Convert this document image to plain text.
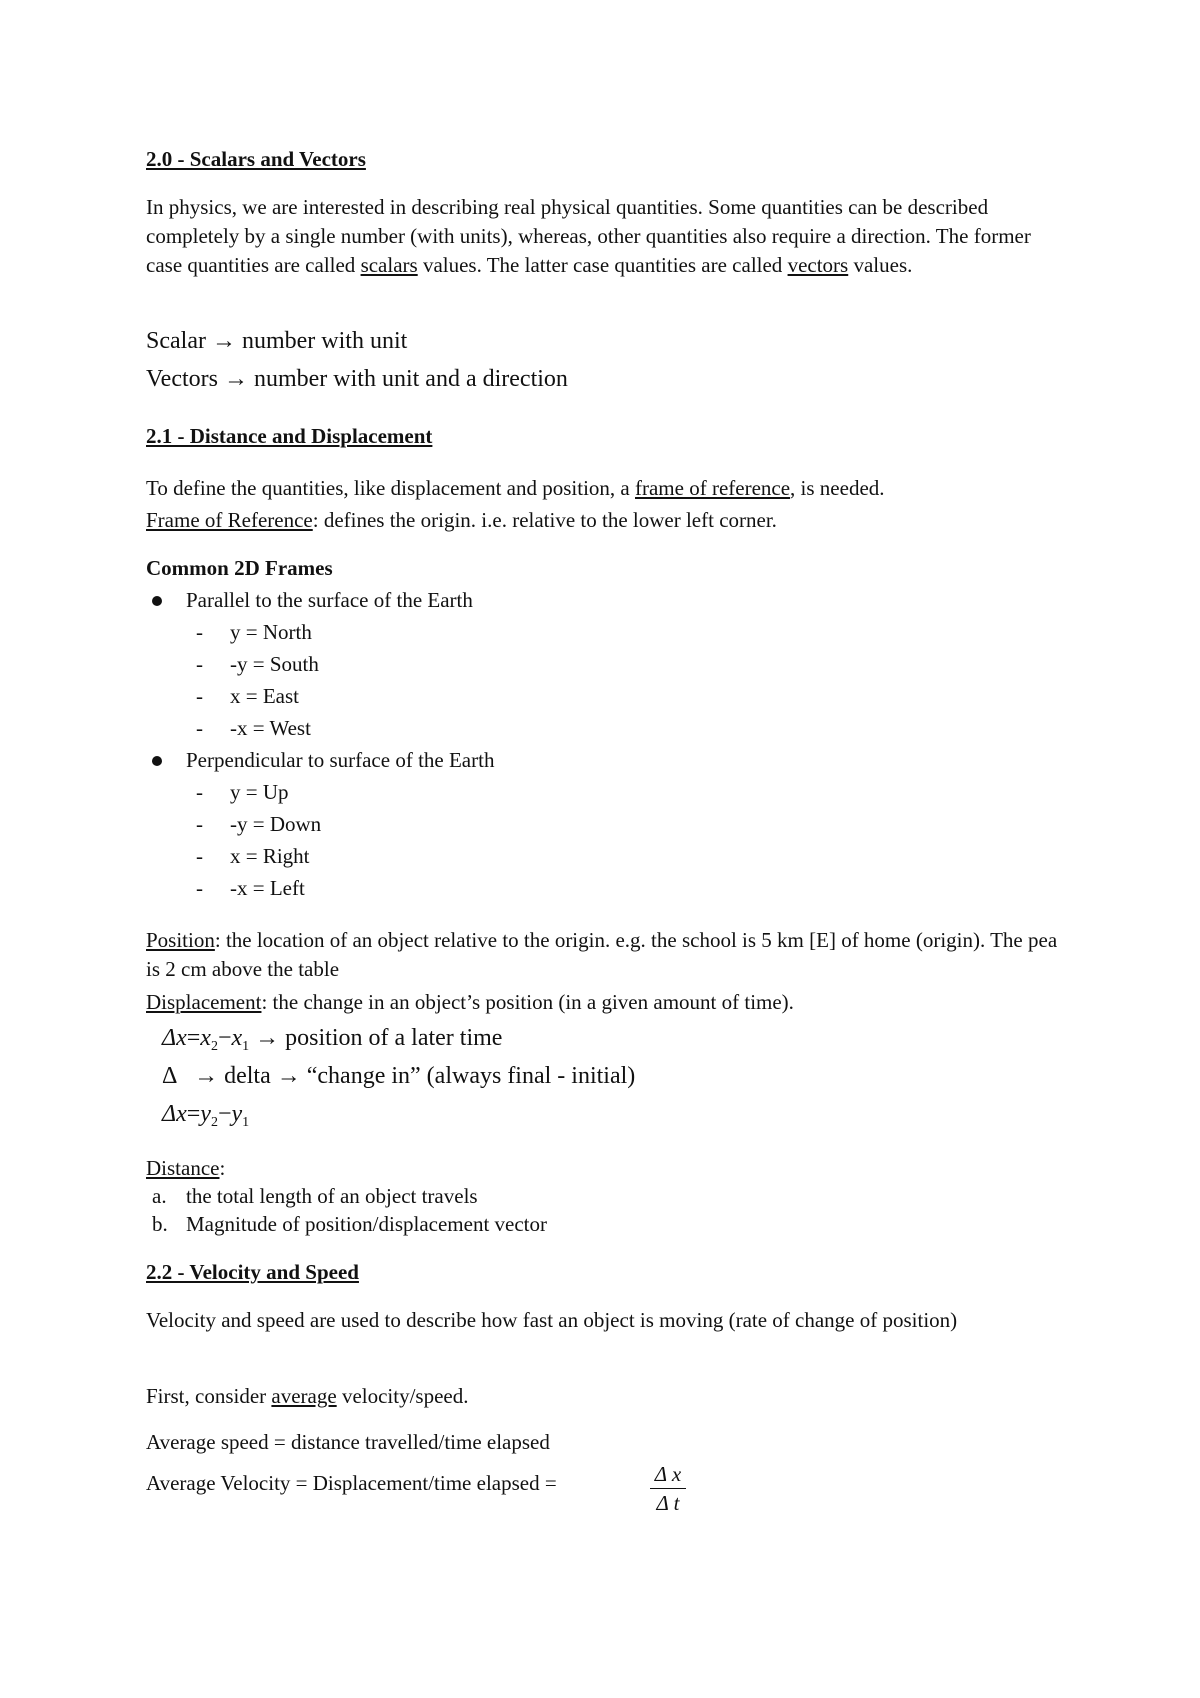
2.0 - Scalars and Vectors
In physics, we are interested in describing real physical quantities. Some quantities can be described completely by a single number (with units), whereas, other quantities also require a direction. The former case quantities are called scalars values. The latter case quantities are called vectors values.
Scalar → number with unit
Vectors → number with unit and a direction
2.1 - Distance and Displacement
To define the quantities, like displacement and position, a frame of reference, is needed.
Frame of Reference: defines the origin. i.e. relative to the lower left corner.
Common 2D Frames
Parallel to the surface of the Earth
- y = North
- -y = South
- x = East
- -x = West
Perpendicular to surface of the Earth
- y = Up
- -y = Down
- x = Right
- -x = Left
Position: the location of an object relative to the origin. e.g. the school is 5 km [E] of home (origin). The pea is 2 cm above the table
Displacement: the change in an object’s position (in a given amount of time).
$\Delta x=x_2-x_1$ → position of a later time
Δ   → delta → “change in” (always final - initial)
$\Delta x=y_2-y_1$
Distance:
a. the total length of an object travels
b. Magnitude of position/displacement vector
2.2 - Velocity and Speed
Velocity and speed are used to describe how fast an object is moving (rate of change of position)
First, consider average velocity/speed.
Average speed = distance travelled/time elapsed
Average Velocity = Displacement/time elapsed =	Δ x
Δ t
